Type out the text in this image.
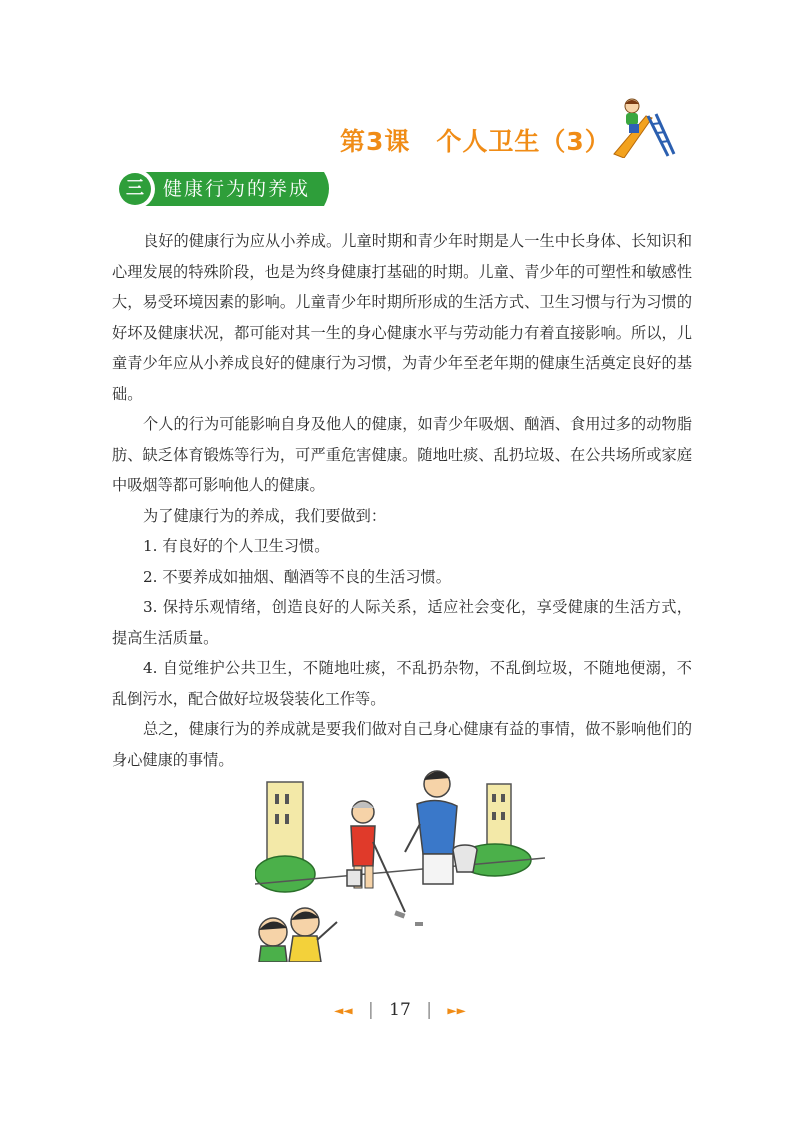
第3课　个人卫生（3）
三 健康行为的养成

良好的健康行为应从小养成。儿童时期和青少年时期是人一生中长身体、长知识和心理发展的特殊阶段，也是为终身健康打基础的时期。儿童、青少年的可塑性和敏感性大，易受环境因素的影响。儿童青少年时期所形成的生活方式、卫生习惯与行为习惯的好坏及健康状况，都可能对其一生的身心健康水平与劳动能力有着直接影响。所以，儿童青少年应从小养成良好的健康行为习惯，为青少年至老年期的健康生活奠定良好的基础。

个人的行为可能影响自身及他人的健康，如青少年吸烟、酗酒、食用过多的动物脂肪、缺乏体育锻炼等行为，可严重危害健康。随地吐痰、乱扔垃圾、在公共场所或家庭中吸烟等都可影响他人的健康。

为了健康行为的养成，我们要做到：

1. 有良好的个人卫生习惯。

2. 不要养成如抽烟、酗酒等不良的生活习惯。

3. 保持乐观情绪，创造良好的人际关系，适应社会变化，享受健康的生活方式，提高生活质量。

4. 自觉维护公共卫生，不随地吐痰，不乱扔杂物，不乱倒垃圾，不随地便溺，不乱倒污水，配合做好垃圾袋装化工作等。

总之，健康行为的养成就是要我们做对自己身心健康有益的事情，做不影响他们的身心健康的事情。

◄◄ | 17 | ►►
